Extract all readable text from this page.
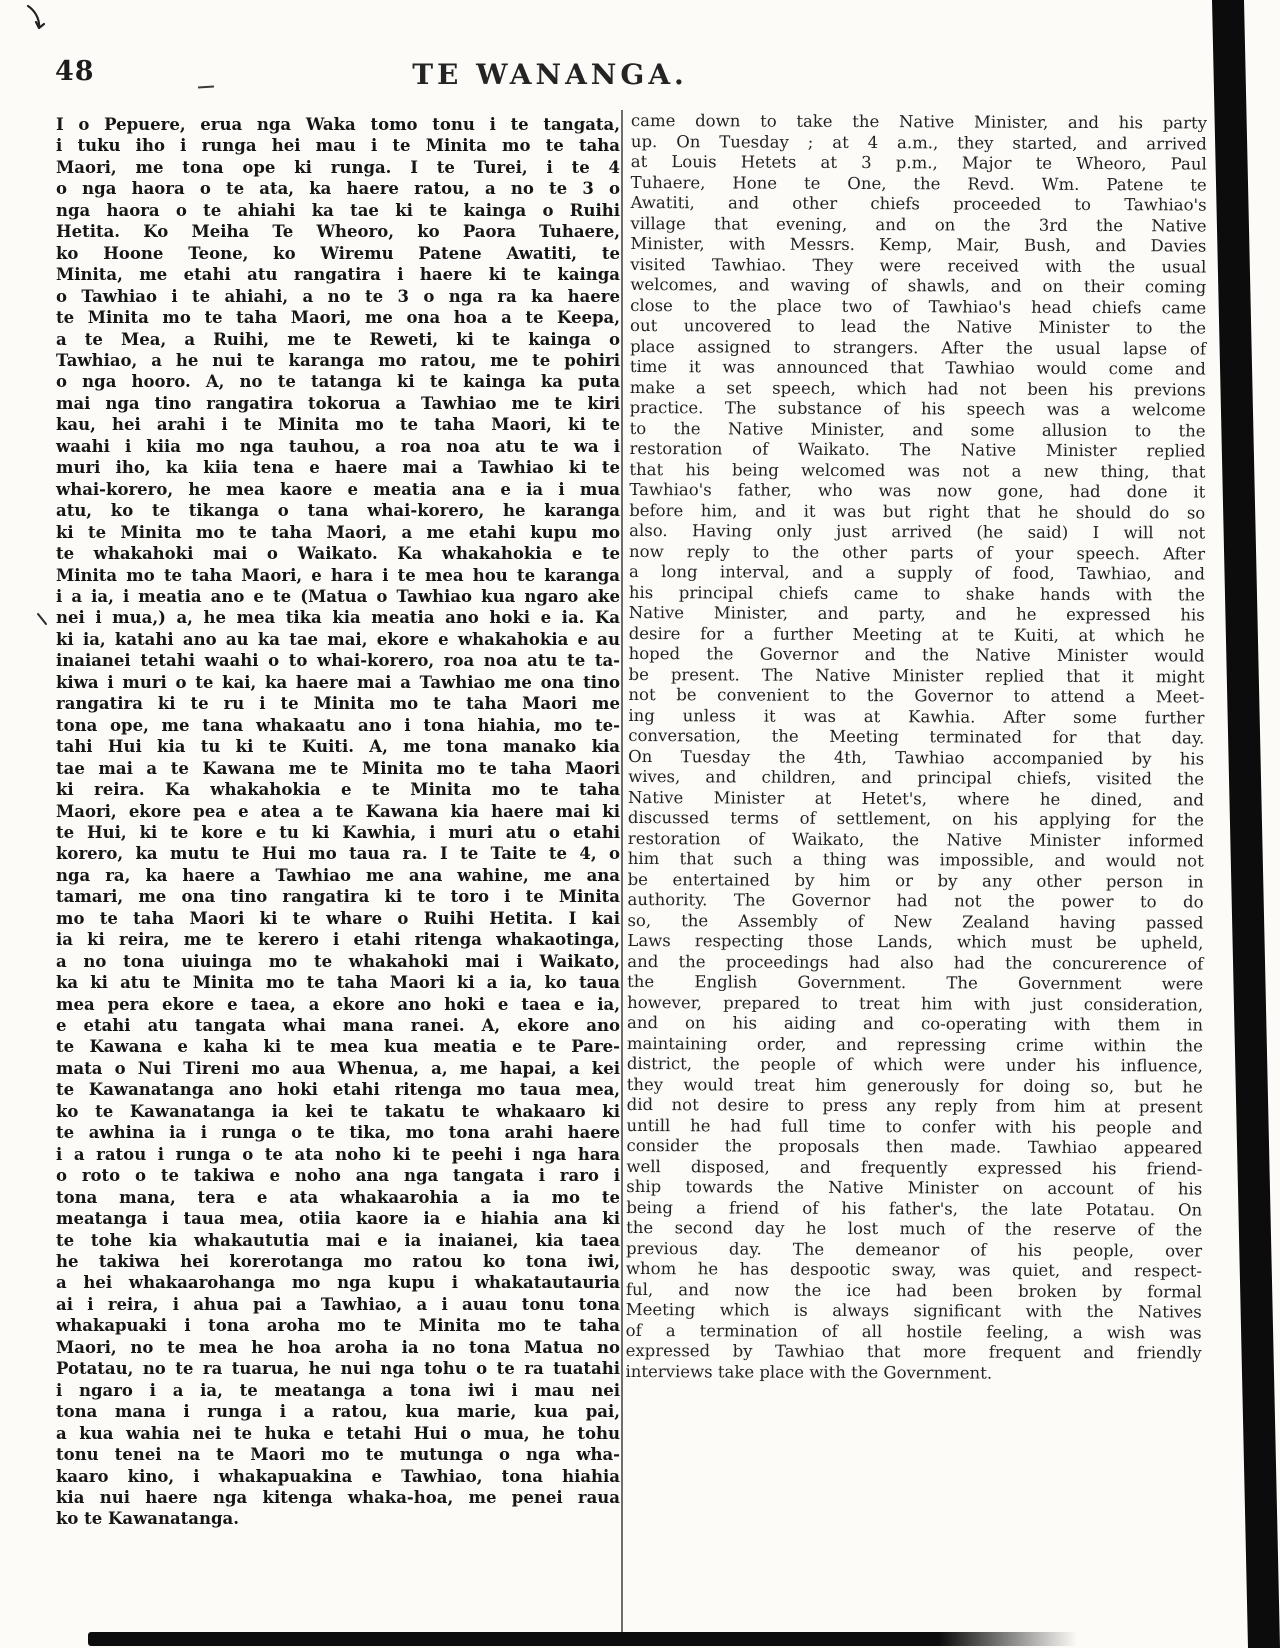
48	TE WANANGA.
I o Pepuere, erua nga Waka tomo tonu i te tangata,
i tuku iho i runga hei mau i te Minita mo te taha
Maori, me tona ope ki runga. I te Turei, i te 4
o nga haora o te ata, ka haere ratou, a no te 3 o
nga haora o te ahiahi ka tae ki te kainga o Ruihi
Hetita. Ko Meiha Te Wheoro, ko Paora Tuhaere,
ko Hoone Teone, ko Wiremu Patene Awatiti, te
Minita, me etahi atu rangatira i haere ki te kainga
o Tawhiao i te ahiahi, a no te 3 o nga ra ka haere
te Minita mo te taha Maori, me ona hoa a te Keepa,
a te Mea, a Ruihi, me te Reweti, ki te kainga o
Tawhiao, a he nui te karanga mo ratou, me te pohiri
o nga hooro. A, no te tatanga ki te kainga ka puta
mai nga tino rangatira tokorua a Tawhiao me te kiri
kau, hei arahi i te Minita mo te taha Maori, ki te
waahi i kiia mo nga tauhou, a roa noa atu te wa i
muri iho, ka kiia tena e haere mai a Tawhiao ki te
whai-korero, he mea kaore e meatia ana e ia i mua
atu, ko te tikanga o tana whai-korero, he karanga
ki te Minita mo te taha Maori, a me etahi kupu mo
te whakahoki mai o Waikato. Ka whakahokia e te
Minita mo te taha Maori, e hara i te mea hou te karanga
i a ia, i meatia ano e te (Matua o Tawhiao kua ngaro ake
nei i mua,) a, he mea tika kia meatia ano hoki e ia. Ka
ki ia, katahi ano au ka tae mai, ekore e whakahokia e au
inaianei tetahi waahi o to whai-korero, roa noa atu te ta-
kiwa i muri o te kai, ka haere mai a Tawhiao me ona tino
rangatira ki te ru i te Minita mo te taha Maori me
tona ope, me tana whakaatu ano i tona hiahia, mo te-
tahi Hui kia tu ki te Kuiti. A, me tona manako kia
tae mai a te Kawana me te Minita mo te taha Maori
ki reira. Ka whakahokia e te Minita mo te taha
Maori, ekore pea e atea a te Kawana kia haere mai ki
te Hui, ki te kore e tu ki Kawhia, i muri atu o etahi
korero, ka mutu te Hui mo taua ra. I te Taite te 4, o
nga ra, ka haere a Tawhiao me ana wahine, me ana
tamari, me ona tino rangatira ki te toro i te Minita
mo te taha Maori ki te whare o Ruihi Hetita. I kai
ia ki reira, me te kerero i etahi ritenga whakaotinga,
a no tona uiuinga mo te whakahoki mai i Waikato,
ka ki atu te Minita mo te taha Maori ki a ia, ko taua
mea pera ekore e taea, a ekore ano hoki e taea e ia,
e etahi atu tangata whai mana ranei. A, ekore ano
te Kawana e kaha ki te mea kua meatia e te Pare-
mata o Nui Tireni mo aua Whenua, a, me hapai, a kei
te Kawanatanga ano hoki etahi ritenga mo taua mea,
ko te Kawanatanga ia kei te takatu te whakaaro ki
te awhina ia i runga o te tika, mo tona arahi haere
i a ratou i runga o te ata noho ki te peehi i nga hara
o roto o te takiwa e noho ana nga tangata i raro i
tona mana, tera e ata whakaarohia a ia mo te
meatanga i taua mea, otiia kaore ia e hiahia ana ki
te tohe kia whakaututia mai e ia inaianei, kia taea
he takiwa hei korerotanga mo ratou ko tona iwi,
a hei whakaarohanga mo nga kupu i whakatautauria
ai i reira, i ahua pai a Tawhiao, a i auau tonu tona
whakapuaki i tona aroha mo te Minita mo te taha
Maori, no te mea he hoa aroha ia no tona Matua no
Potatau, no te ra tuarua, he nui nga tohu o te ra tuatahi
i ngaro i a ia, te meatanga a tona iwi i mau nei
tona mana i runga i a ratou, kua marie, kua pai,
a kua wahia nei te huka e tetahi Hui o mua, he tohu
tonu tenei na te Maori mo te mutunga o nga wha-
kaaro kino, i whakapuakina e Tawhiao, tona hiahia
kia nui haere nga kitenga whaka-hoa, me penei raua
ko te Kawanatanga.
came down to take the Native Minister, and his party
up. On Tuesday ; at 4 a.m., they started, and arrived
at Louis Hetets at 3 p.m., Major te Wheoro, Paul
Tuhaere, Hone te One, the Revd. Wm. Patene te
Awatiti, and other chiefs proceeded to Tawhiao's
village that evening, and on the 3rd the Native
Minister, with Messrs. Kemp, Mair, Bush, and Davies
visited Tawhiao. They were received with the usual
welcomes, and waving of shawls, and on their coming
close to the place two of Tawhiao's head chiefs came
out uncovered to lead the Native Minister to the
place assigned to strangers. After the usual lapse of
time it was announced that Tawhiao would come and
make a set speech, which had not been his previons
practice. The substance of his speech was a welcome
to the Native Minister, and some allusion to the
restoration of Waikato. The Native Minister replied
that his being welcomed was not a new thing, that
Tawhiao's father, who was now gone, had done it
before him, and it was but right that he should do so
also. Having only just arrived (he said) I will not
now reply to the other parts of your speech. After
a long interval, and a supply of food, Tawhiao, and
his principal chiefs came to shake hands with the
Native Minister, and party, and he expressed his
desire for a further Meeting at te Kuiti, at which he
hoped the Governor and the Native Minister would
be present. The Native Minister replied that it might
not be convenient to the Governor to attend a Meet-
ing unless it was at Kawhia. After some further
conversation, the Meeting terminated for that day.
On Tuesday the 4th, Tawhiao accompanied by his
wives, and children, and principal chiefs, visited the
Native Minister at Hetet's, where he dined, and
discussed terms of settlement, on his applying for the
restoration of Waikato, the Native Minister informed
him that such a thing was impossible, and would not
be entertained by him or by any other person in
authority. The Governor had not the power to do
so, the Assembly of New Zealand having passed
Laws respecting those Lands, which must be upheld,
and the proceedings had also had the concurerence of
the English Government. The Government were
however, prepared to treat him with just consideration,
and on his aiding and co-operating with them in
maintaining order, and repressing crime within the
district, the people of which were under his influence,
they would treat him generously for doing so, but he
did not desire to press any reply from him at present
untill he had full time to confer with his people and
consider the proposals then made. Tawhiao appeared
well disposed, and frequently expressed his friend-
ship towards the Native Minister on account of his
being a friend of his father's, the late Potatau. On
the second day he lost much of the reserve of the
previous day. The demeanor of his people, over
whom he has despootic sway, was quiet, and respect-
ful, and now the ice had been broken by formal
Meeting which is always significant with the Natives
of a termination of all hostile feeling, a wish was
expressed by Tawhiao that more frequent and friendly
interviews take place with the Government.
